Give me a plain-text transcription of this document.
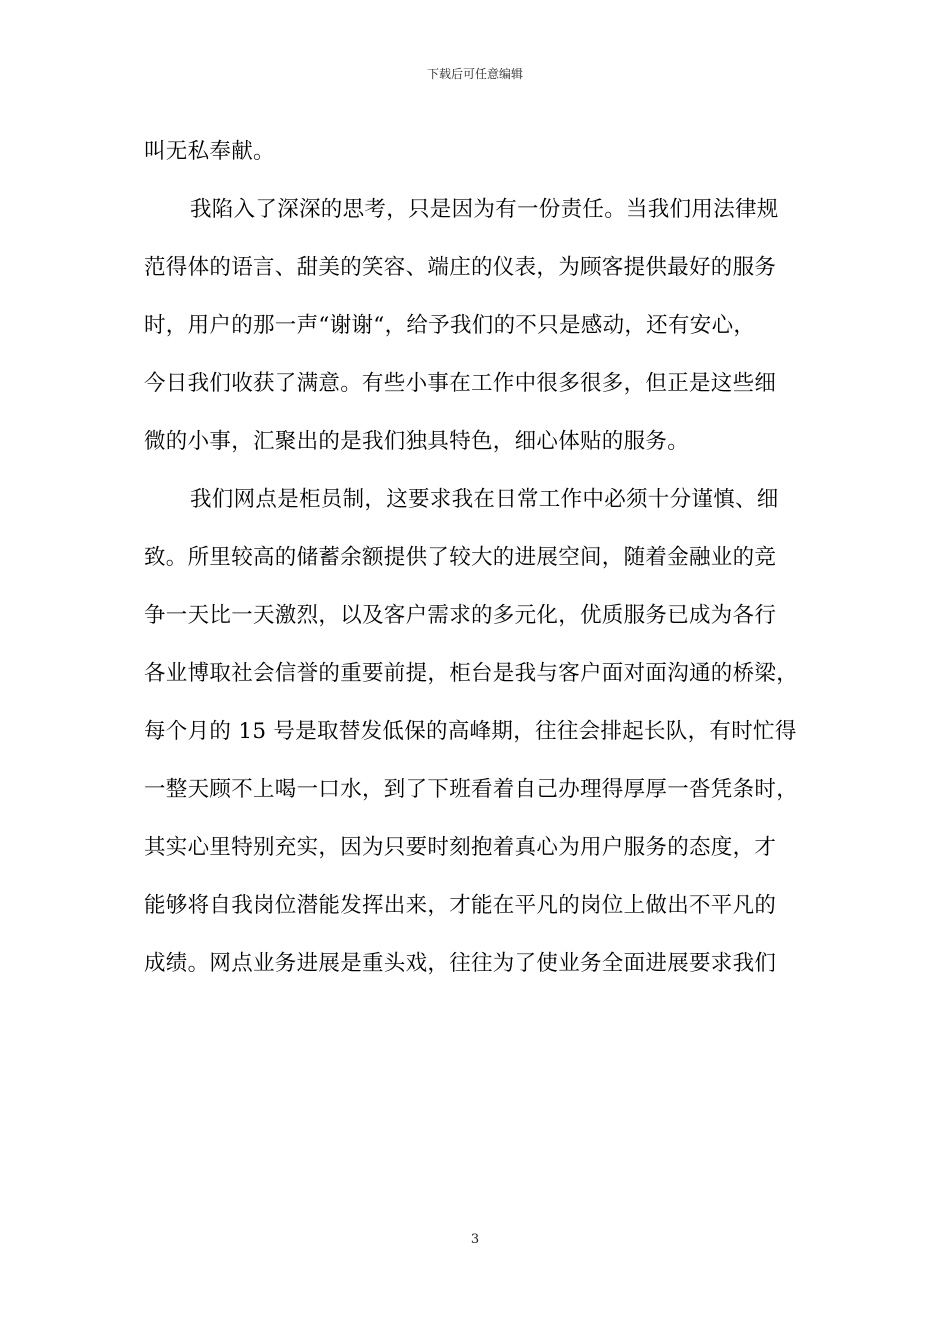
下载后可任意编辑
叫无私奉献。
我陷入了深深的思考，只是因为有一份责任。当我们用法律规
范得体的语言、甜美的笑容、端庄的仪表，为顾客提供最好的服务
时，用户的那一声“谢谢“，给予我们的不只是感动，还有安心，
今日我们收获了满意。有些小事在工作中很多很多，但正是这些细
微的小事，汇聚出的是我们独具特色，细心体贴的服务。
我们网点是柜员制，这要求我在日常工作中必须十分谨慎、细
致。所里较高的储蓄余额提供了较大的进展空间，随着金融业的竞
争一天比一天激烈，以及客户需求的多元化，优质服务已成为各行
各业博取社会信誉的重要前提，柜台是我与客户面对面沟通的桥梁，
每个月的 15 号是取替发低保的高峰期，往往会排起长队，有时忙得
一整天顾不上喝一口水，到了下班看着自己办理得厚厚一沓凭条时，
其实心里特别充实，因为只要时刻抱着真心为用户服务的态度，才
能够将自我岗位潜能发挥出来，才能在平凡的岗位上做出不平凡的
成绩。网点业务进展是重头戏，往往为了使业务全面进展要求我们
3
